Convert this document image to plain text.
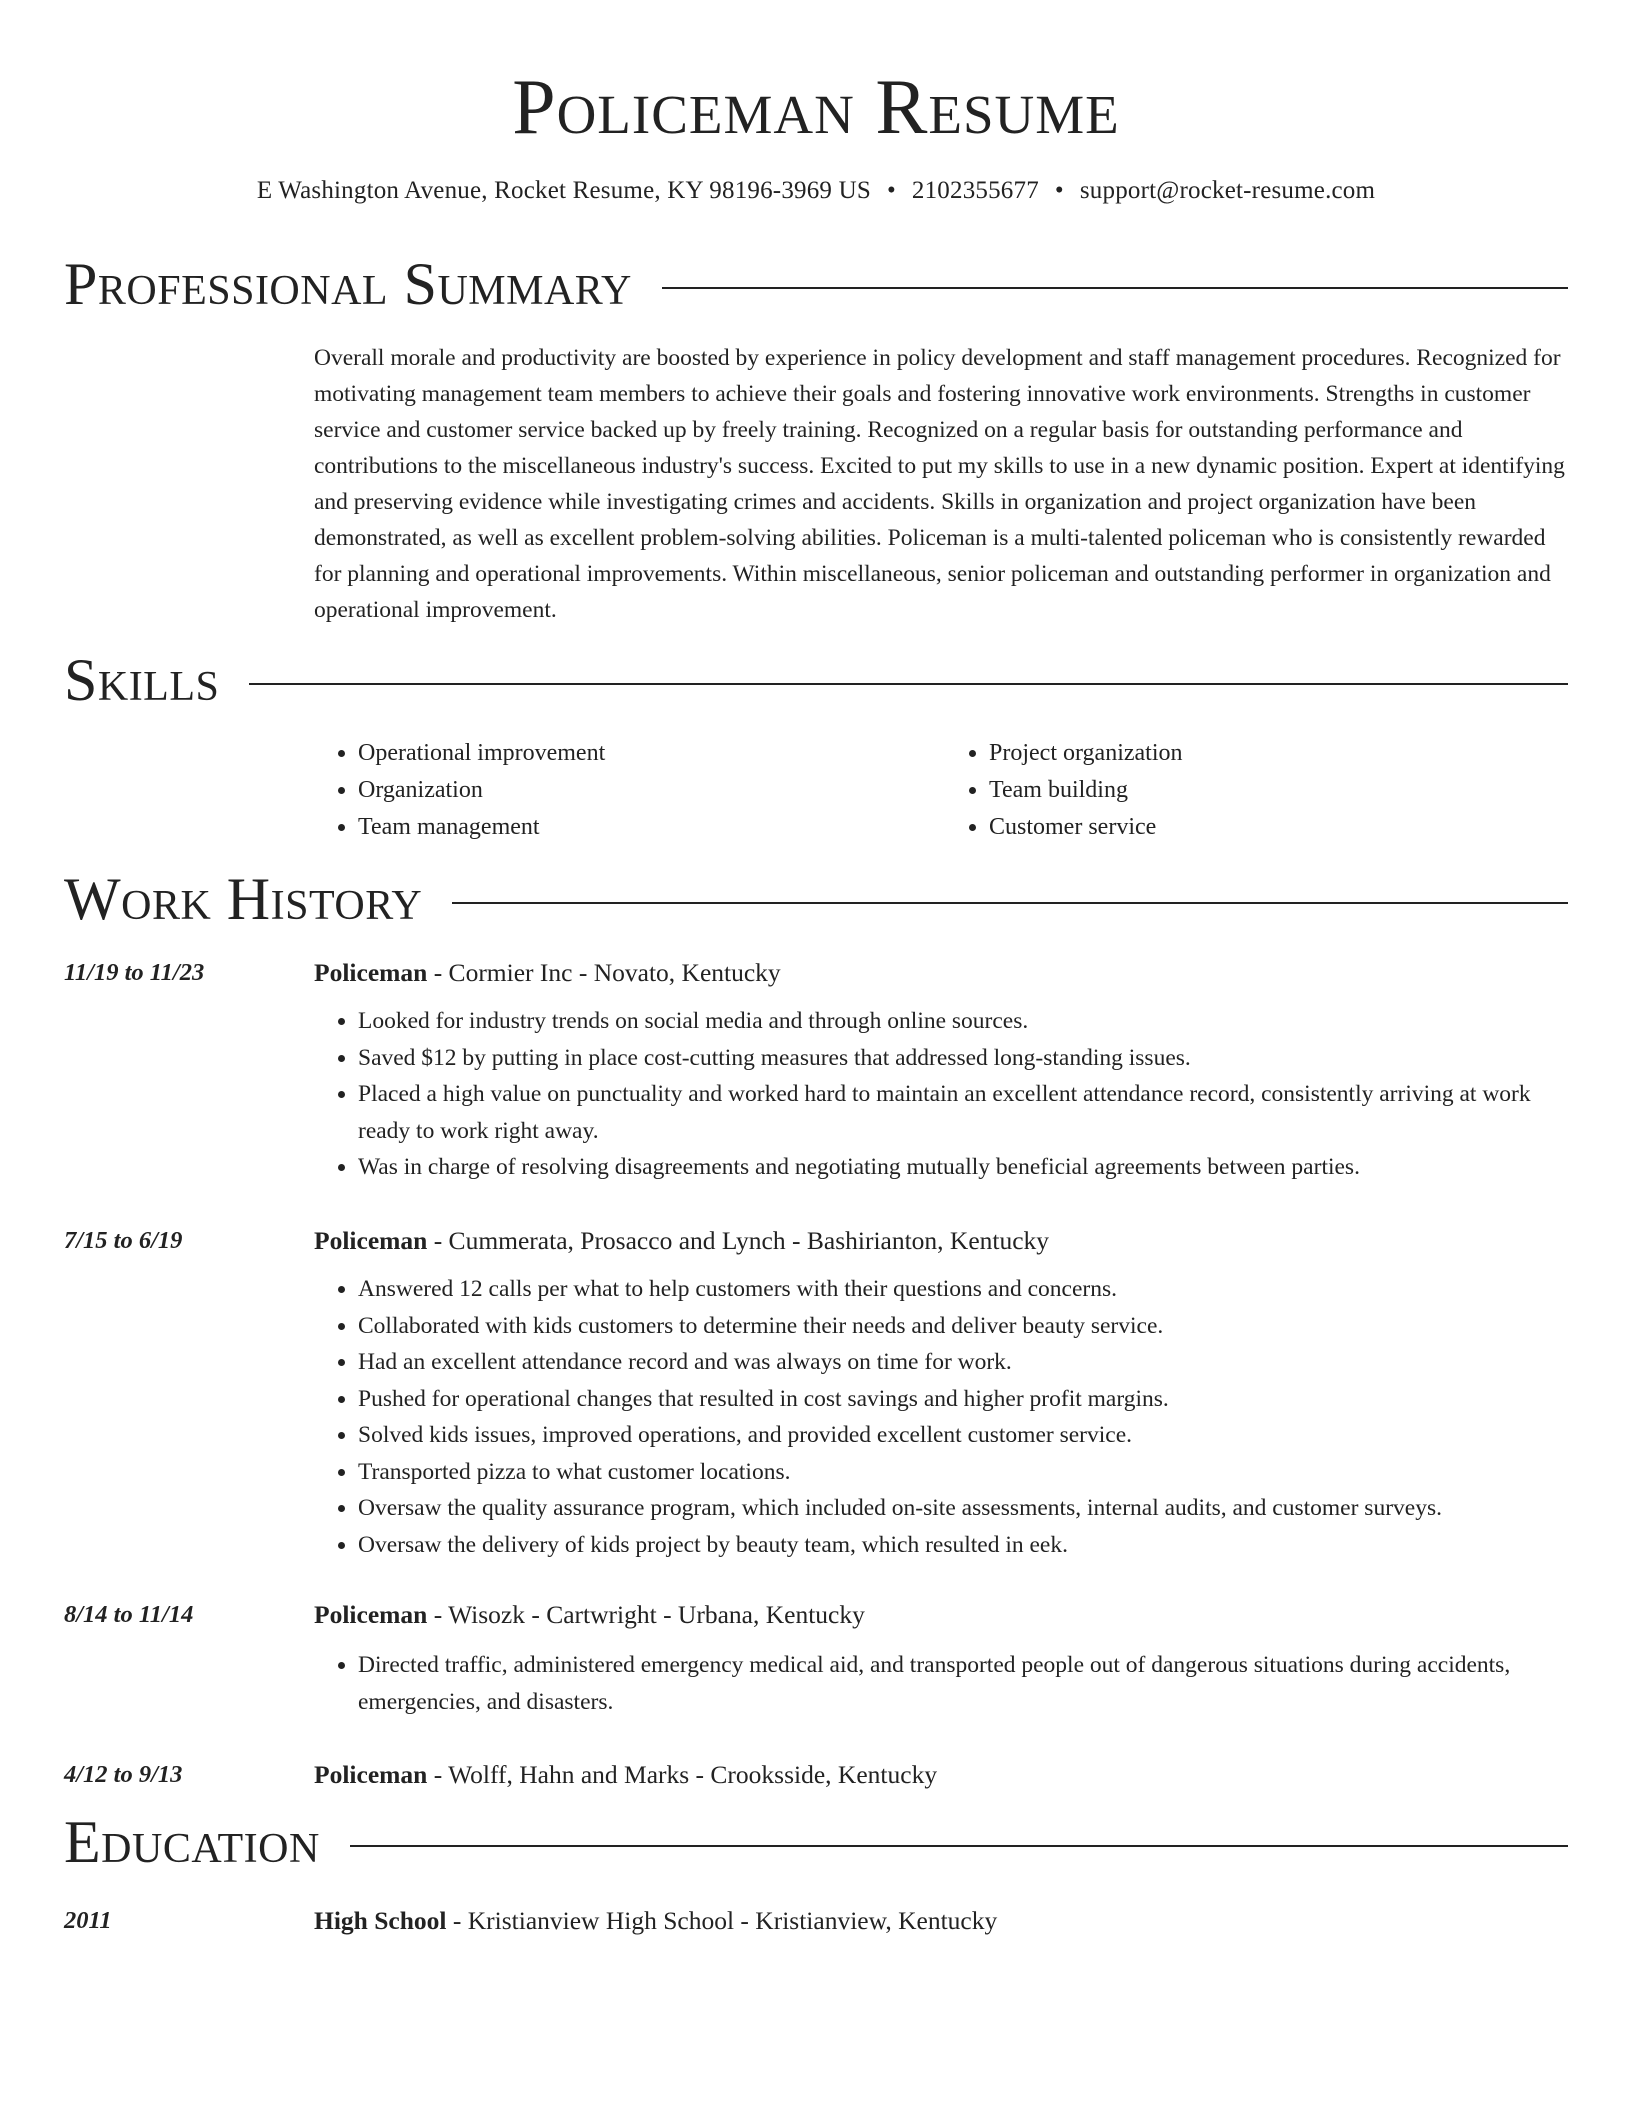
Policeman Resume
E Washington Avenue, Rocket Resume, KY 98196-3969 US • 2102355677 • support@rocket-resume.com
Professional Summary

Overall morale and productivity are boosted by experience in policy development and staff management procedures. Recognized for motivating management team members to achieve their goals and fostering innovative work environments. Strengths in customer service and customer service backed up by freely training. Recognized on a regular basis for outstanding performance and contributions to the miscellaneous industry's success. Excited to put my skills to use in a new dynamic position. Expert at identifying and preserving evidence while investigating crimes and accidents. Skills in organization and project organization have been demonstrated, as well as excellent problem-solving abilities. Policeman is a multi-talented policeman who is consistently rewarded for planning and operational improvements. Within miscellaneous, senior policeman and outstanding performer in organization and operational improvement.

Skills
• Operational improvement
• Organization
• Team management
• Project organization
• Team building
• Customer service
Work History
11/19 to 11/23	Policeman - Cormier Inc - Novato, Kentucky
• Looked for industry trends on social media and through online sources.
• Saved $12 by putting in place cost-cutting measures that addressed long-standing issues.
• Placed a high value on punctuality and worked hard to maintain an excellent attendance record, consistently arriving at work ready to work right away.
• Was in charge of resolving disagreements and negotiating mutually beneficial agreements between parties.
7/15 to 6/19	Policeman - Cummerata, Prosacco and Lynch - Bashirianton, Kentucky
• Answered 12 calls per what to help customers with their questions and concerns.
• Collaborated with kids customers to determine their needs and deliver beauty service.
• Had an excellent attendance record and was always on time for work.
• Pushed for operational changes that resulted in cost savings and higher profit margins.
• Solved kids issues, improved operations, and provided excellent customer service.
• Transported pizza to what customer locations.
• Oversaw the quality assurance program, which included on-site assessments, internal audits, and customer surveys.
• Oversaw the delivery of kids project by beauty team, which resulted in eek.
8/14 to 11/14	Policeman - Wisozk - Cartwright - Urbana, Kentucky
• Directed traffic, administered emergency medical aid, and transported people out of dangerous situations during accidents, emergencies, and disasters.
4/12 to 9/13	Policeman - Wolff, Hahn and Marks - Crooksside, Kentucky
Education
2011	High School - Kristianview High School - Kristianview, Kentucky
